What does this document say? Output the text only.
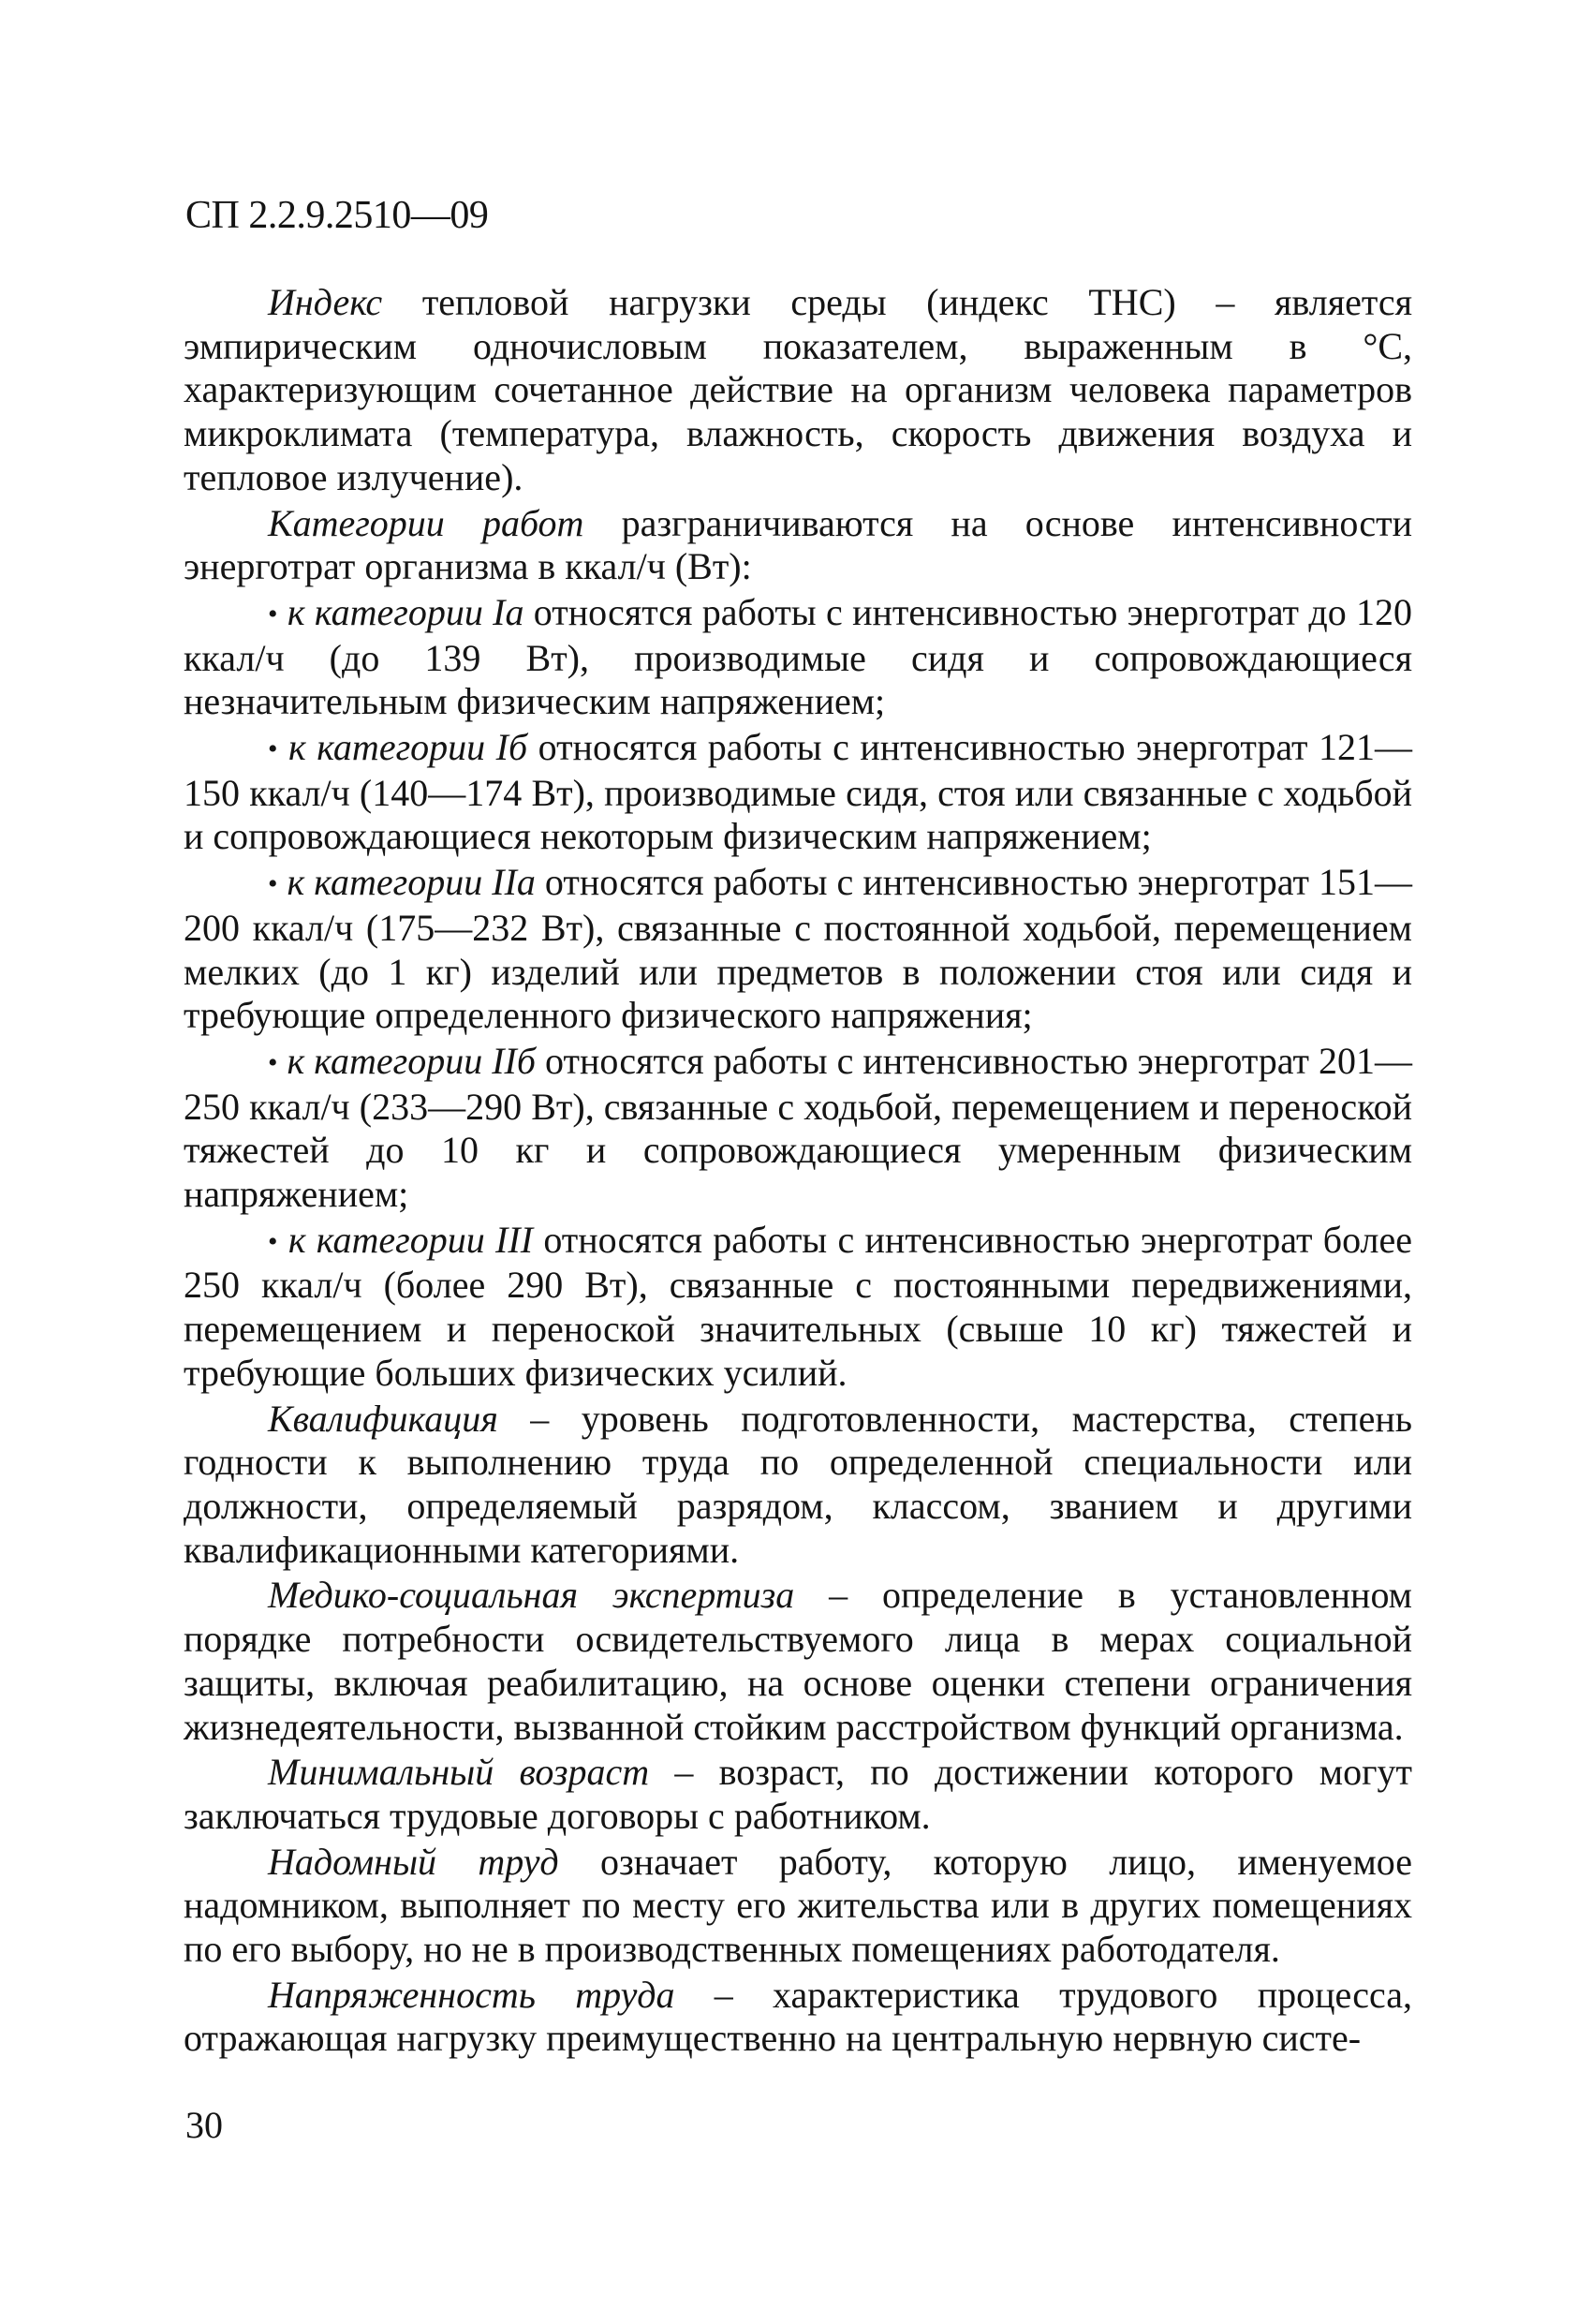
СП 2.2.9.2510—09

Индекс тепловой нагрузки среды (индекс ТНС) – является эмпирическим одночисловым показателем, выраженным в °С, характеризующим сочетанное действие на организм человека параметров микроклимата (температура, влажность, скорость движения воздуха и тепловое излучение).

Категории работ разграничиваются на основе интенсивности энерготрат организма в ккал/ч (Вт):

• к категории Iа относятся работы с интенсивностью энерготрат до 120 ккал/ч (до 139 Вт), производимые сидя и сопровождающиеся незначительным физическим напряжением;

• к категории Iб относятся работы с интенсивностью энерготрат 121—150 ккал/ч (140—174 Вт), производимые сидя, стоя или связанные с ходьбой и сопровождающиеся некоторым физическим напряжением;

• к категории IIа относятся работы с интенсивностью энерготрат 151—200 ккал/ч (175—232 Вт), связанные с постоянной ходьбой, перемещением мелких (до 1 кг) изделий или предметов в положении стоя или сидя и требующие определенного физического напряжения;

• к категории IIб относятся работы с интенсивностью энерготрат 201—250 ккал/ч (233—290 Вт), связанные с ходьбой, перемещением и переноской тяжестей до 10 кг и сопровождающиеся умеренным физическим напряжением;

• к категории III относятся работы с интенсивностью энерготрат более 250 ккал/ч (более 290 Вт), связанные с постоянными передвижениями, перемещением и переноской значительных (свыше 10 кг) тяжестей и требующие больших физических усилий.

Квалификация – уровень подготовленности, мастерства, степень годности к выполнению труда по определенной специальности или должности, определяемый разрядом, классом, званием и другими квалификационными категориями.

Медико-социальная экспертиза – определение в установленном порядке потребности освидетельствуемого лица в мерах социальной защиты, включая реабилитацию, на основе оценки степени ограничения жизнедеятельности, вызванной стойким расстройством функций организма.

Минимальный возраст – возраст, по достижении которого могут заключаться трудовые договоры с работником.

Надомный труд означает работу, которую лицо, именуемое надомником, выполняет по месту его жительства или в других помещениях по его выбору, но не в производственных помещениях работодателя.

Напряженность труда – характеристика трудового процесса, отражающая нагрузку преимущественно на центральную нервную систе-

30
